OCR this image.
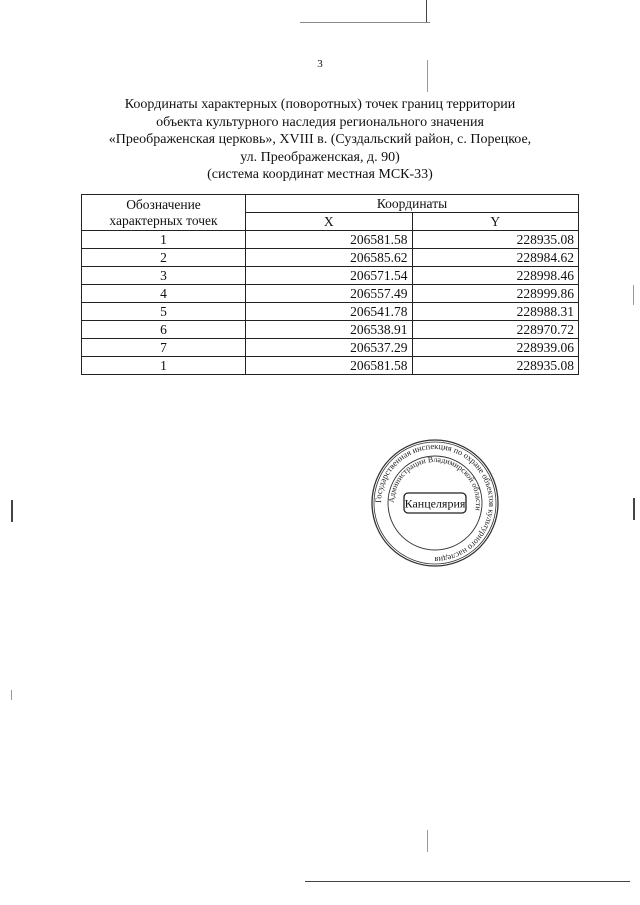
3
Координаты характерных (поворотных) точек границ территории
объекта культурного наследия регионального значения
«Преображенская церковь», XVIII в. (Суздальский район, с. Порецкое,
ул. Преображенская, д. 90)
(система координат местная МСК-33)
Обозначение
характерных точек	Координаты	
	X	Y
1	206581.58	228935.08
2	206585.62	228984.62
3	206571.54	228998.46
4	206557.49	228999.86
5	206541.78	228988.31
6	206538.91	228970.72
7	206537.29	228939.06
1	206581.58	228935.08
Государственная инспекция по охране объектов культурного наследия
Администрации Владимирской области
Канцелярия
